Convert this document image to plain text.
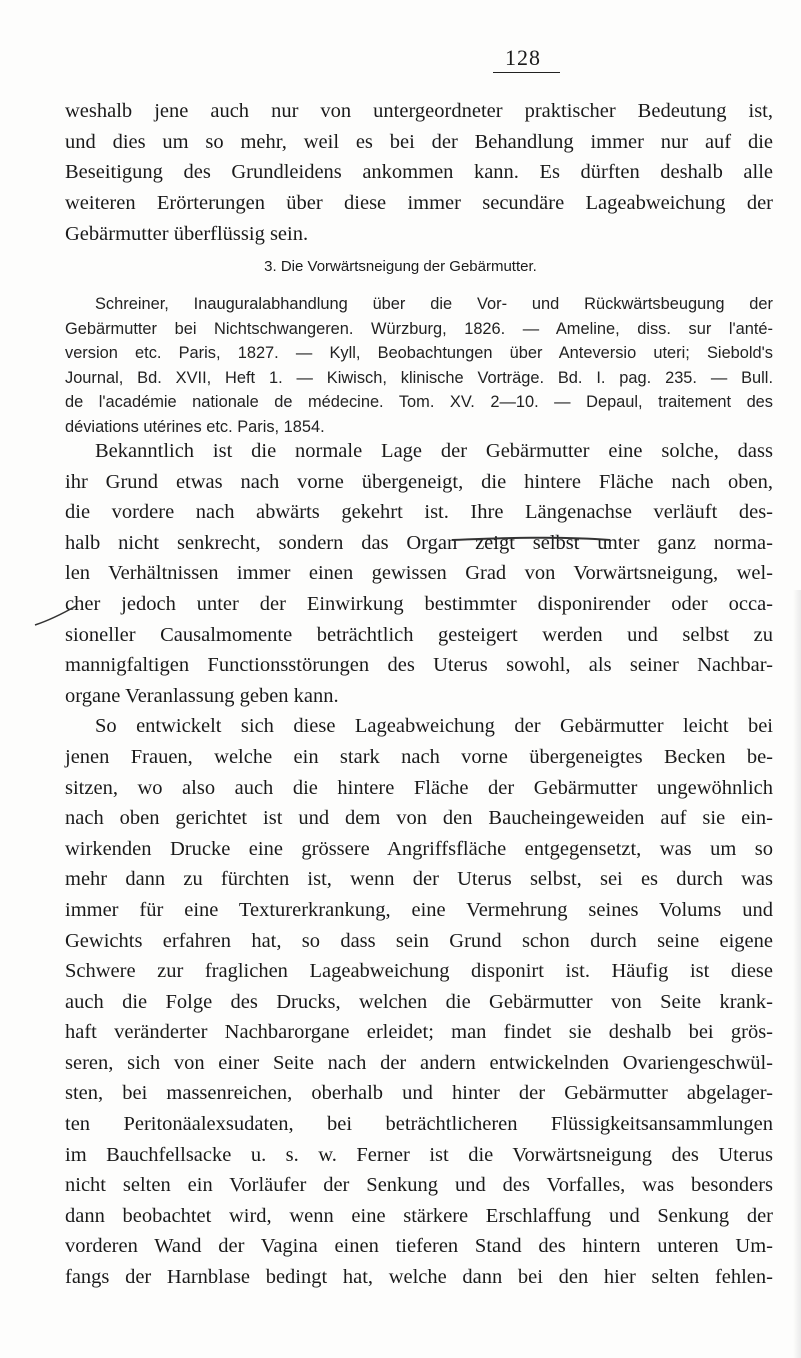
128
weshalb jene auch nur von untergeordneter praktischer Bedeutung ist,
und dies um so mehr, weil es bei der Behandlung immer nur auf die
Beseitigung des Grundleidens ankommen kann. Es dürften deshalb alle
weiteren Erörterungen über diese immer secundäre Lageabweichung der
Gebärmutter überflüssig sein.
3. Die Vorwärtsneigung der Gebärmutter.
Schreiner, Inauguralabhandlung über die Vor- und Rückwärtsbeugung der
Gebärmutter bei Nichtschwangeren. Würzburg, 1826. — Ameline, diss. sur l'anté-
version etc. Paris, 1827. — Kyll, Beobachtungen über Anteversio uteri; Siebold's
Journal, Bd. XVII, Heft 1. — Kiwisch, klinische Vorträge. Bd. I. pag. 235. — Bull.
de l'académie nationale de médecine. Tom. XV. 2—10. — Depaul, traitement des
déviations utérines etc. Paris, 1854.
Bekanntlich ist die normale Lage der Gebärmutter eine solche, dass
ihr Grund etwas nach vorne übergeneigt, die hintere Fläche nach oben,
die vordere nach abwärts gekehrt ist. Ihre Längenachse verläuft des-
halb nicht senkrecht, sondern das Organ zeigt selbst unter ganz norma-
len Verhältnissen immer einen gewissen Grad von Vorwärtsneigung, wel-
cher jedoch unter der Einwirkung bestimmter disponirender oder occa-
sioneller Causalmomente beträchtlich gesteigert werden und selbst zu
mannigfaltigen Functionsstörungen des Uterus sowohl, als seiner Nachbar-
organe Veranlassung geben kann.
So entwickelt sich diese Lageabweichung der Gebärmutter leicht bei
jenen Frauen, welche ein stark nach vorne übergeneigtes Becken be-
sitzen, wo also auch die hintere Fläche der Gebärmutter ungewöhnlich
nach oben gerichtet ist und dem von den Baucheingeweiden auf sie ein-
wirkenden Drucke eine grössere Angriffsfläche entgegensetzt, was um so
mehr dann zu fürchten ist, wenn der Uterus selbst, sei es durch was
immer für eine Texturerkrankung, eine Vermehrung seines Volums und
Gewichts erfahren hat, so dass sein Grund schon durch seine eigene
Schwere zur fraglichen Lageabweichung disponirt ist. Häufig ist diese
auch die Folge des Drucks, welchen die Gebärmutter von Seite krank-
haft veränderter Nachbarorgane erleidet; man findet sie deshalb bei grös-
seren, sich von einer Seite nach der andern entwickelnden Ovariengeschwül-
sten, bei massenreichen, oberhalb und hinter der Gebärmutter abgelager-
ten Peritonäalexsudaten, bei beträchtlicheren Flüssigkeitsansammlungen
im Bauchfellsacke u. s. w. Ferner ist die Vorwärtsneigung des Uterus
nicht selten ein Vorläufer der Senkung und des Vorfalles, was besonders
dann beobachtet wird, wenn eine stärkere Erschlaffung und Senkung der
vorderen Wand der Vagina einen tieferen Stand des hintern unteren Um-
fangs der Harnblase bedingt hat, welche dann bei den hier selten fehlen-
